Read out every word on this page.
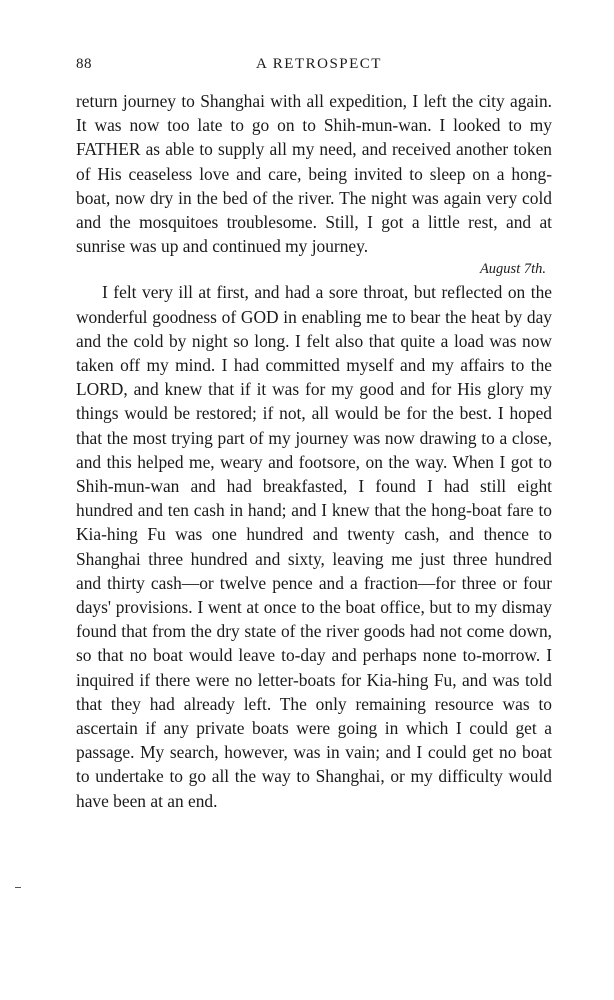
88	A RETROSPECT

return journey to Shanghai with all expedition, I left the city again. It was now too late to go on to Shih-mun-wan. I looked to my FATHER as able to supply all my need, and received another token of His ceaseless love and care, being invited to sleep on a hong-boat, now dry in the bed of the river. The night was again very cold and the mosquitoes troublesome. Still, I got a little rest, and at sunrise was up and continued my journey.

August 7th.

I felt very ill at first, and had a sore throat, but reflected on the wonderful goodness of GOD in enabling me to bear the heat by day and the cold by night so long. I felt also that quite a load was now taken off my mind. I had committed myself and my affairs to the LORD, and knew that if it was for my good and for His glory my things would be restored; if not, all would be for the best. I hoped that the most trying part of my journey was now drawing to a close, and this helped me, weary and footsore, on the way. When I got to Shih-mun-wan and had breakfasted, I found I had still eight hundred and ten cash in hand; and I knew that the hong-boat fare to Kia-hing Fu was one hundred and twenty cash, and thence to Shanghai three hundred and sixty, leaving me just three hundred and thirty cash—or twelve pence and a fraction—for three or four days' provisions. I went at once to the boat office, but to my dismay found that from the dry state of the river goods had not come down, so that no boat would leave to-day and perhaps none to-morrow. I inquired if there were no letter-boats for Kia-hing Fu, and was told that they had already left. The only remaining resource was to ascertain if any private boats were going in which I could get a passage. My search, however, was in vain; and I could get no boat to undertake to go all the way to Shanghai, or my difficulty would have been at an end.
